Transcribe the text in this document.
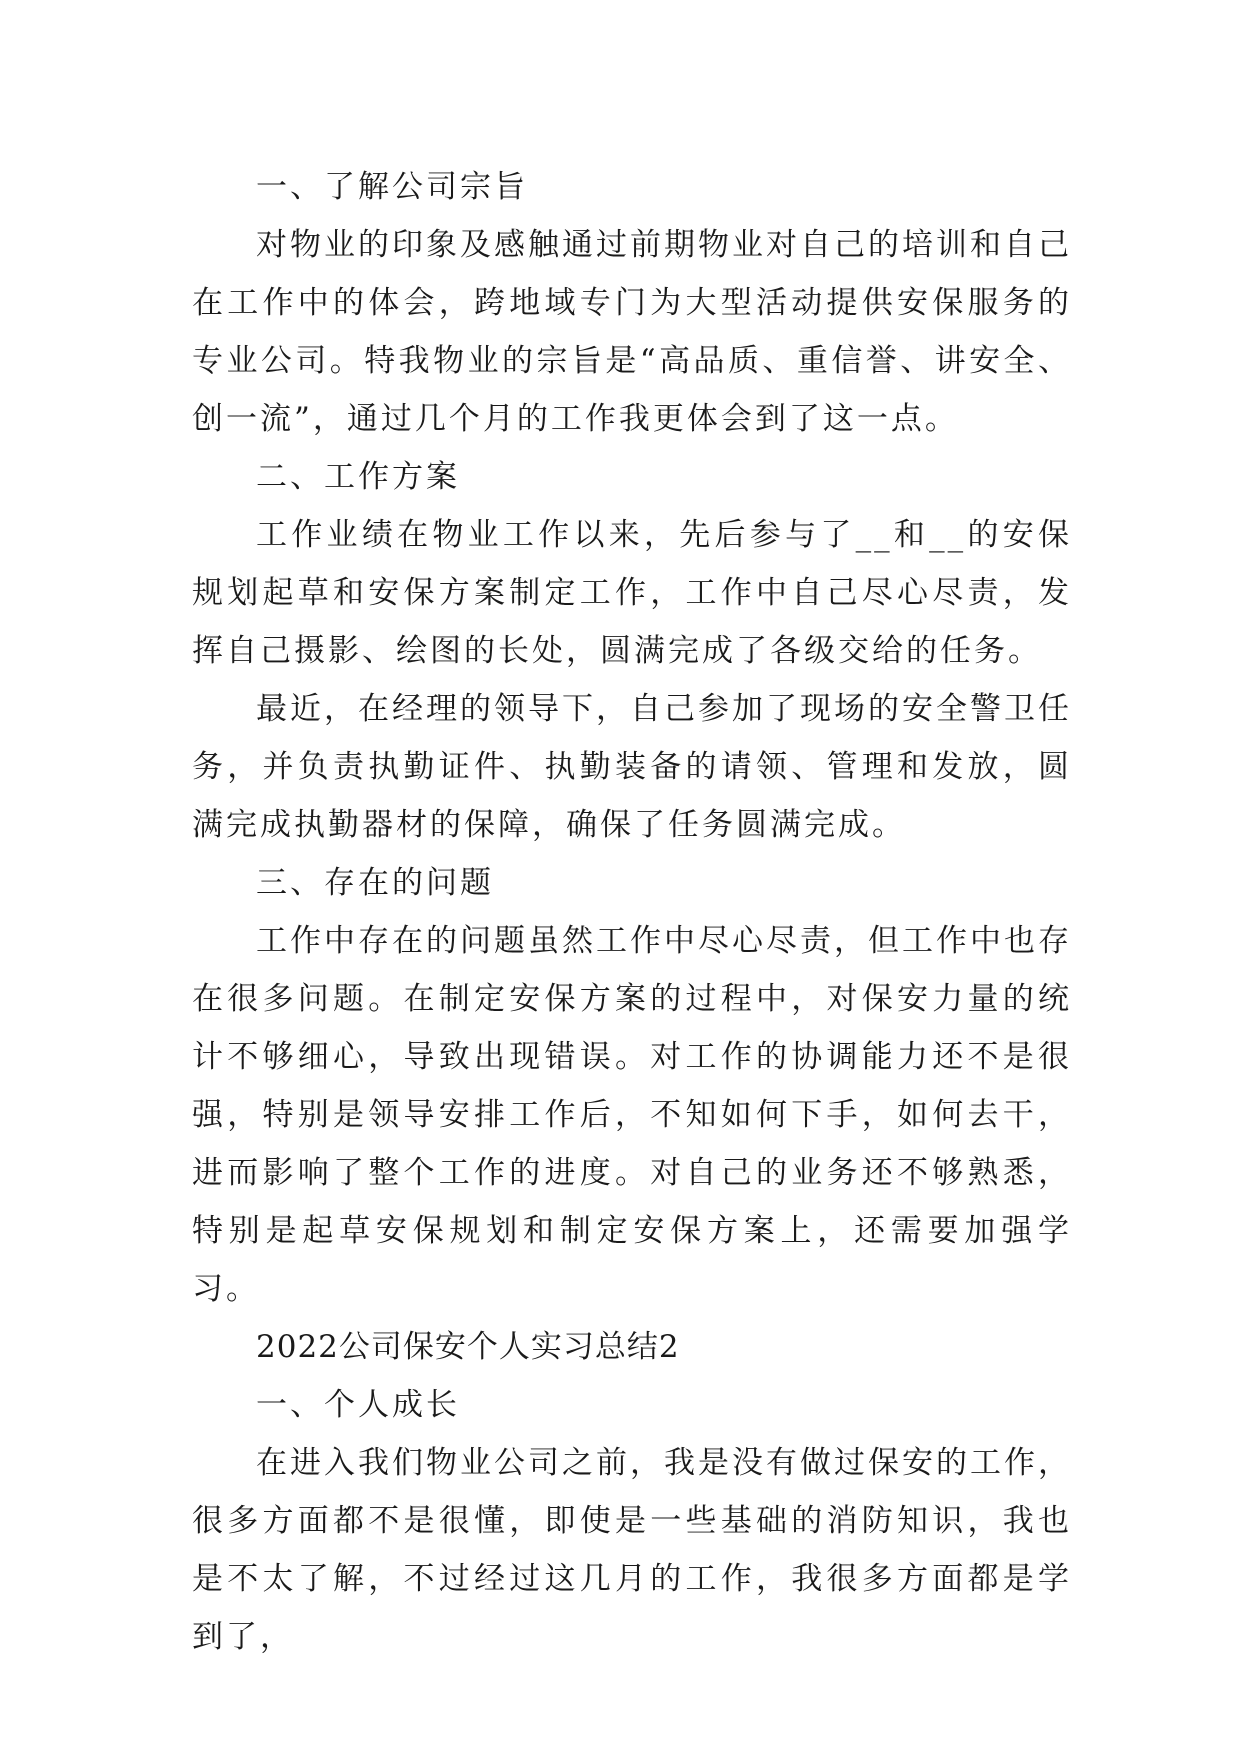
一、了解公司宗旨

对物业的印象及感触通过前期物业对自己的培训和自己在工作中的体会，跨地域专门为大型活动提供安保服务的专业公司。特我物业的宗旨是“高品质、重信誉、讲安全、创一流”，通过几个月的工作我更体会到了这一点。

二、工作方案

工作业绩在物业工作以来，先后参与了__和__的安保规划起草和安保方案制定工作，工作中自己尽心尽责，发挥自己摄影、绘图的长处，圆满完成了各级交给的任务。

最近，在经理的领导下，自己参加了现场的安全警卫任务，并负责执勤证件、执勤装备的请领、管理和发放，圆满完成执勤器材的保障，确保了任务圆满完成。

三、存在的问题

工作中存在的问题虽然工作中尽心尽责，但工作中也存在很多问题。在制定安保方案的过程中，对保安力量的统计不够细心，导致出现错误。对工作的协调能力还不是很强，特别是领导安排工作后，不知如何下手，如何去干，进而影响了整个工作的进度。对自己的业务还不够熟悉，特别是起草安保规划和制定安保方案上，还需要加强学习。

2022公司保安个人实习总结2

一、个人成长

在进入我们物业公司之前，我是没有做过保安的工作，很多方面都不是很懂，即使是一些基础的消防知识，我也是不太了解，不过经过这几月的工作，我很多方面都是学到了，
